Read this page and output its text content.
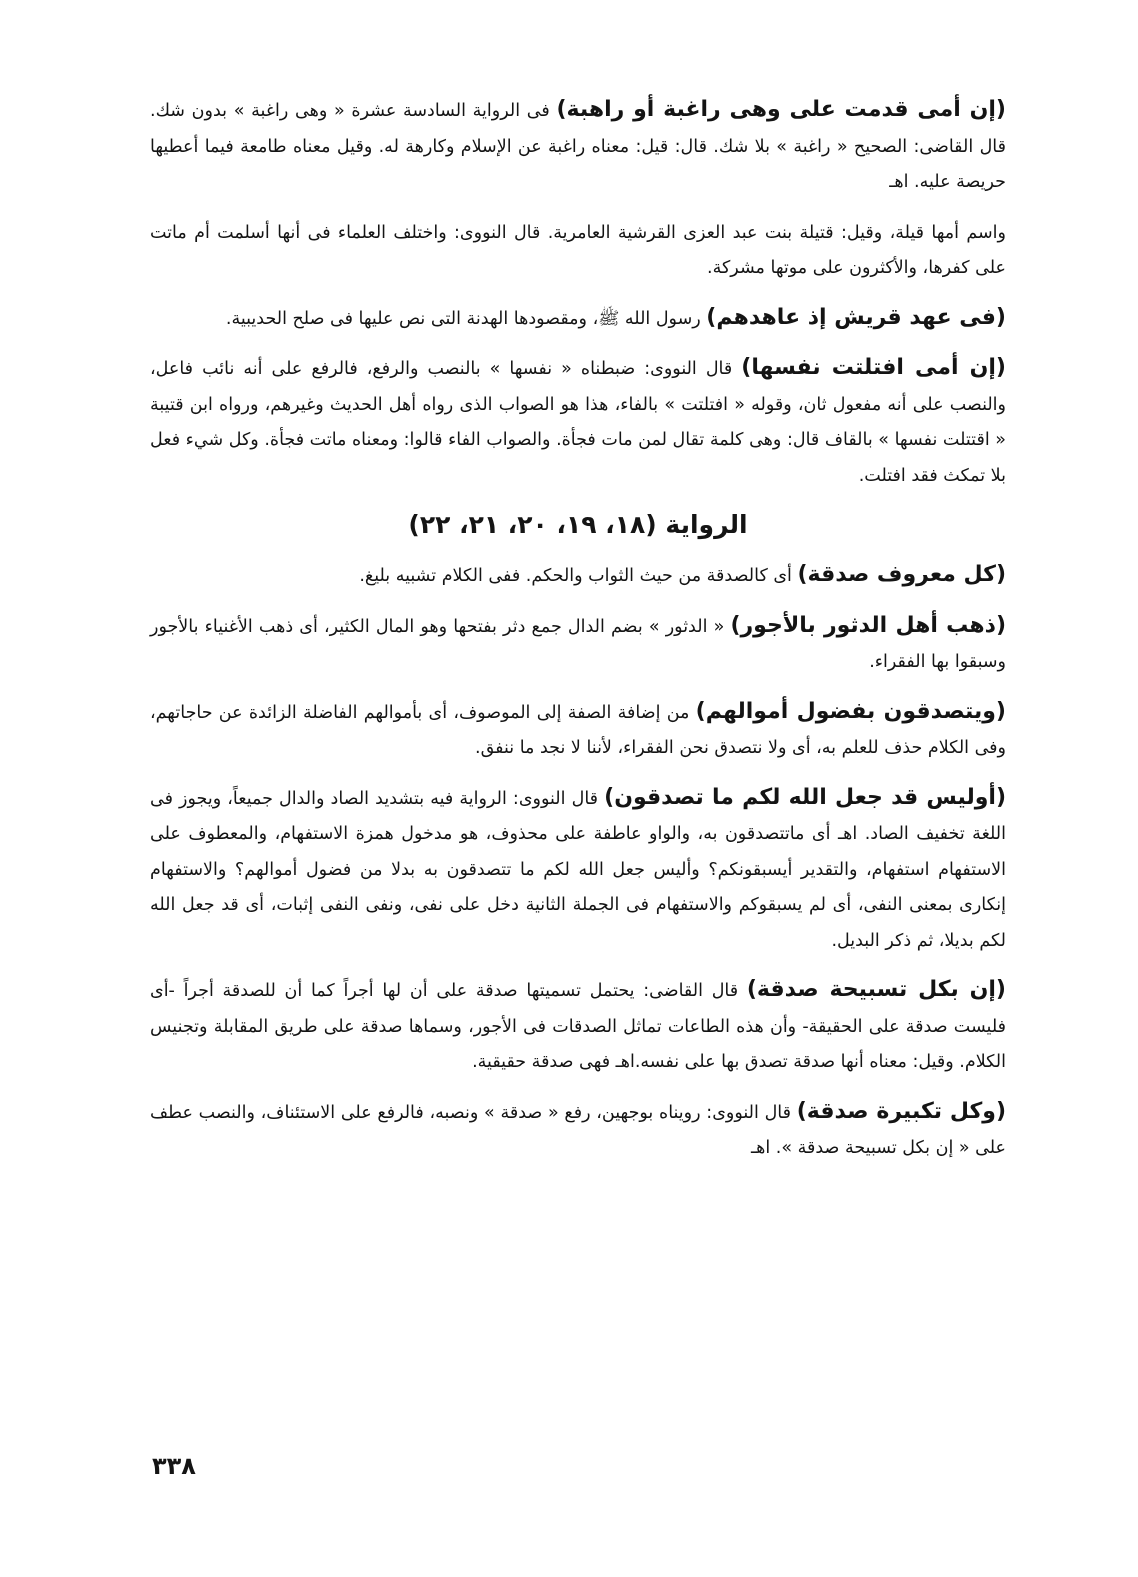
(إن أمى قدمت على وهى راغبة أو راهبة) فى الرواية السادسة عشرة « وهى راغبة » بدون شك. قال القاضى: الصحيح « راغبة » بلا شك. قال: قيل: معناه راغبة عن الإسلام وكارهة له. وقيل معناه طامعة فيما أعطيها حريصة عليه. اهـ

واسم أمها قيلة، وقيل: قتيلة بنت عبد العزى القرشية العامرية. قال النووى: واختلف العلماء فى أنها أسلمت أم ماتت على كفرها، والأكثرون على موتها مشركة.

(فى عهد قريش إذ عاهدهم) رسول الله ﷺ، ومقصودها الهدنة التى نص عليها فى صلح الحديبية.

(إن أمى افتلتت نفسها) قال النووى: ضبطناه « نفسها » بالنصب والرفع، فالرفع على أنه نائب فاعل، والنصب على أنه مفعول ثان، وقوله « افتلتت » بالفاء، هذا هو الصواب الذى رواه أهل الحديث وغيرهم، ورواه ابن قتيبة « اقتتلت نفسها » بالقاف قال: وهى كلمة تقال لمن مات فجأة. والصواب الفاء قالوا: ومعناه ماتت فجأة. وكل شيء فعل بلا تمكث فقد افتلت.

الرواية (١٨، ١٩، ٢٠، ٢١، ٢٢)

(كل معروف صدقة) أى كالصدقة من حيث الثواب والحكم. ففى الكلام تشبيه بليغ.

(ذهب أهل الدثور بالأجور) « الدثور » بضم الدال جمع دثر بفتحها وهو المال الكثير، أى ذهب الأغنياء بالأجور وسبقوا بها الفقراء.

(ويتصدقون بفضول أموالهم) من إضافة الصفة إلى الموصوف، أى بأموالهم الفاضلة الزائدة عن حاجاتهم، وفى الكلام حذف للعلم به، أى ولا نتصدق نحن الفقراء، لأننا لا نجد ما ننفق.

(أوليس قد جعل الله لكم ما تصدقون) قال النووى: الرواية فيه بتشديد الصاد والدال جميعاً، ويجوز فى اللغة تخفيف الصاد. اهـ أى ماتتصدقون به، والواو عاطفة على محذوف، هو مدخول همزة الاستفهام، والمعطوف على الاستفهام استفهام، والتقدير أيسبقونكم؟ وأليس جعل الله لكم ما تتصدقون به بدلا من فضول أموالهم؟ والاستفهام إنكارى بمعنى النفى، أى لم يسبقوكم والاستفهام فى الجملة الثانية دخل على نفى، ونفى النفى إثبات، أى قد جعل الله لكم بديلا، ثم ذكر البديل.

(إن بكل تسبيحة صدقة) قال القاضى: يحتمل تسميتها صدقة على أن لها أجراً كما أن للصدقة أجراً -أى فليست صدقة على الحقيقة- وأن هذه الطاعات تماثل الصدقات فى الأجور، وسماها صدقة على طريق المقابلة وتجنيس الكلام. وقيل: معناه أنها صدقة تصدق بها على نفسه.اهـ فهى صدقة حقيقية.

(وكل تكبيرة صدقة) قال النووى: رويناه بوجهين، رفع « صدقة » ونصبه، فالرفع على الاستئناف، والنصب عطف على « إن بكل تسبيحة صدقة ». اهـ

٣٣٨
